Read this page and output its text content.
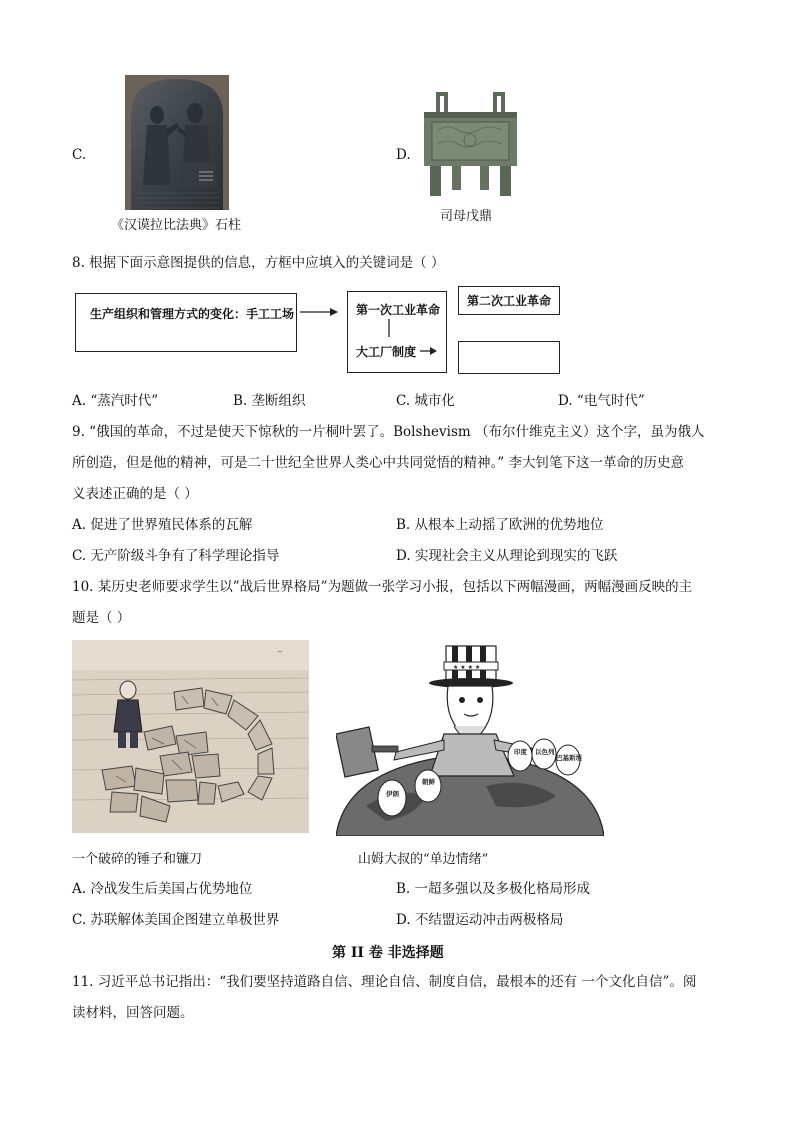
C.
《汉谟拉比法典》石柱
D.
司母戊鼎
8. 根据下面示意图提供的信息，方框中应填入的关键词是（ ）
生产组织和管理方式的变化：手工工场	第一次工业革命
大工厂制度
第二次工业革命
A. “蒸汽时代”	B. 垄断组织	C. 城市化	D. “电气时代”
9. “俄国的革命，不过是使天下惊秋的一片桐叶罢了。Bolshevism （布尔什维克主义）这个字，虽为俄人
所创造，但是他的精神，可是二十世纪全世界人类心中共同觉悟的精神。” 李大钊笔下这一革命的历史意
义表述正确的是（ ）
A. 促进了世界殖民体系的瓦解	B. 从根本上动摇了欧洲的优势地位
C. 无产阶级斗争有了科学理论指导	D. 实现社会主义从理论到现实的飞跃
10. 某历史老师要求学生以”战后世界格局”为题做一张学习小报，包括以下两幅漫画，两幅漫画反映的主
题是（ ）
~
一个破碎的锤子和镰刀
★ ★ ★ ★
伊朗
朝鲜
印度 以色列
巴基斯坦
山姆大叔的“单边情绪”
A. 冷战发生后美国占优势地位	B. 一超多强以及多极化格局形成
C. 苏联解体美国企图建立单极世界	D. 不结盟运动冲击两极格局
第 II 卷 非选择题
11. 习近平总书记指出：“我们要坚持道路自信、理论自信、制度自信，最根本的还有 一个文化自信”。阅
读材料，回答问题。
